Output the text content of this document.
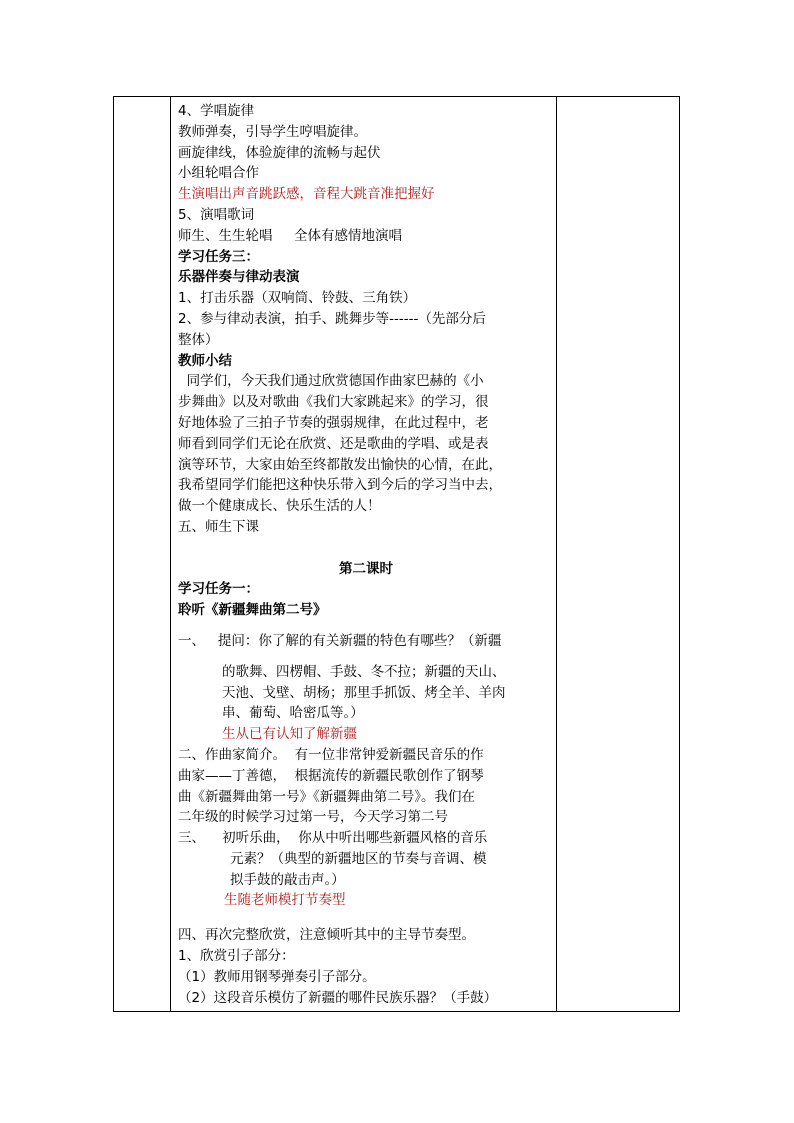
4、学唱旋律
教师弹奏，引导学生哼唱旋律。
画旋律线，体验旋律的流畅与起伏
小组轮唱合作
生演唱出声音跳跃感，音程大跳音准把握好
5、演唱歌词
师生、生生轮唱     全体有感情地演唱
学习任务三：
乐器伴奏与律动表演
1、打击乐器（双响筒、铃鼓、三角铁）
2、参与律动表演，拍手、跳舞步等------（先部分后
整体）
教师小结
同学们，今天我们通过欣赏德国作曲家巴赫的《小
步舞曲》以及对歌曲《我们大家跳起来》的学习，很
好地体验了三拍子节奏的强弱规律，在此过程中，老
师看到同学们无论在欣赏、还是歌曲的学唱、或是表
演等环节，大家由始至终都散发出愉快的心情，在此，
我希望同学们能把这种快乐带入到今后的学习当中去，
做一个健康成长、快乐生活的人！
五、师生下课
第二课时
学习任务一：
聆听《新疆舞曲第二号》
一、   提问：你了解的有关新疆的特色有哪些？（新疆
的歌舞、四楞帽、手鼓、冬不拉；新疆的天山、
天池、戈壁、胡杨；那里手抓饭、烤全羊、羊肉
串、葡萄、哈密瓜等。）
生从已有认知了解新疆
二、作曲家简介。  有一位非常钟爱新疆民音乐的作
曲家——丁善德，  根据流传的新疆民歌创作了钢琴
曲《新疆舞曲第一号》《新疆舞曲第二号》。我们在
二年级的时候学习过第一号，今天学习第二号
三、    初听乐曲，  你从中听出哪些新疆风格的音乐
元素？（典型的新疆地区的节奏与音调、模
拟手鼓的敲击声。）
生随老师模打节奏型
四、再次完整欣赏，注意倾听其中的主导节奏型。
1、欣赏引子部分：
（1）教师用钢琴弹奏引子部分。
（2）这段音乐模仿了新疆的哪件民族乐器？（手鼓）
